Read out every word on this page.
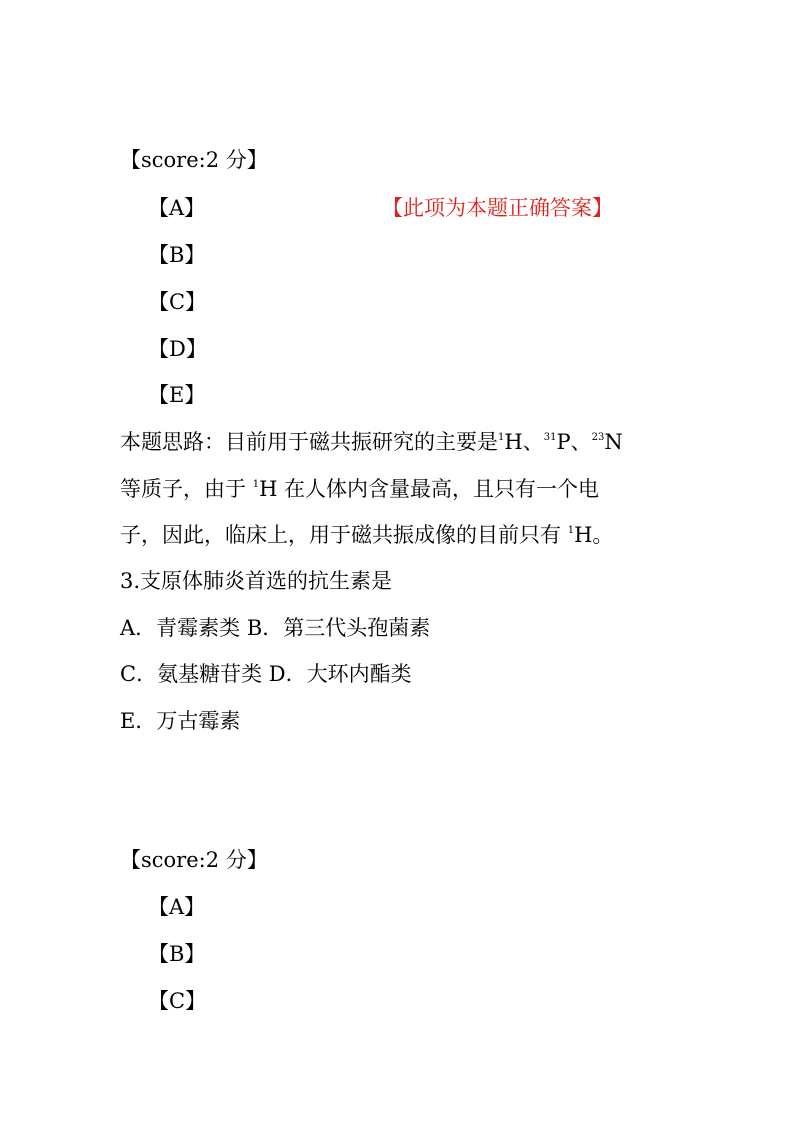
【score:2 分】
【A】	【此项为本题正确答案】
【B】
【C】
【D】
【E】
本题思路：目前用于磁共振研究的主要是$^1$H、$^{31}$P、$^{23}$N
等质子，由于 $^1$H 在人体内含量最高，且只有一个电
子，因此，临床上，用于磁共振成像的目前只有 $^1$H。
3.支原体肺炎首选的抗生素是
A．青霉素类 B．第三代头孢菌素
C．氨基糖苷类 D．大环内酯类
E．万古霉素
【score:2 分】
【A】
【B】
【C】
